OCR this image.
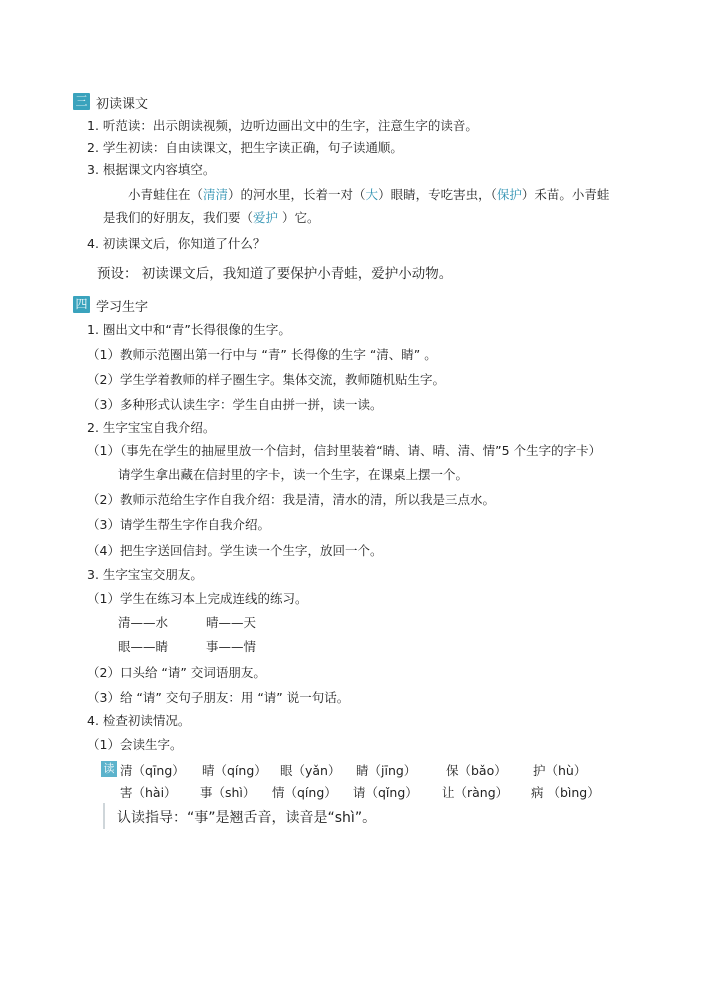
三 初读课文
1. 听范读：出示朗读视频，边听边画出文中的生字，注意生字的读音。
2. 学生初读：自由读课文，把生字读正确，句子读通顺。
3. 根据课文内容填空。
小青蛙住在（清清）的河水里，长着一对（大）眼睛，专吃害虫，（保护）禾苗。小青蛙
是我们的好朋友，我们要（爱护 ）它。
4. 初读课文后，你知道了什么？
预设： 初读课文后，我知道了要保护小青蛙，爱护小动物。
四 学习生字
1. 圈出文中和“青”长得很像的生字。
（1）教师示范圈出第一行中与 “青” 长得像的生字 “清、睛” 。
（2）学生学着教师的样子圈生字。集体交流，教师随机贴生字。
（3）多种形式认读生字：学生自由拼一拼，读一读。
2. 生字宝宝自我介绍。
（1）（事先在学生的抽屉里放一个信封，信封里装着“睛、请、晴、清、情”5 个生字的字卡）
请学生拿出藏在信封里的字卡，读一个生字，在课桌上摆一个。
（2）教师示范给生字作自我介绍：我是清，清水的清，所以我是三点水。
（3）请学生帮生字作自我介绍。
（4）把生字送回信封。学生读一个生字，放回一个。
3. 生字宝宝交朋友。
（1）学生在练习本上完成连线的练习。
清——水	晴——天
眼——睛	事——情
（2）口头给 “请” 交词语朋友。
（3）给 “请” 交句子朋友：用 “请” 说一句话。
4. 检查初读情况。
（1）会读生字。
读 清（qīng） 晴（qíng） 眼（yǎn） 睛（jīng） 保（bǎo） 护（hù）
害（hài） 事（shì） 情（qíng） 请（qǐng） 让（ràng） 病 （bìng）
认读指导：“事”是翘舌音，读音是“shì”。
